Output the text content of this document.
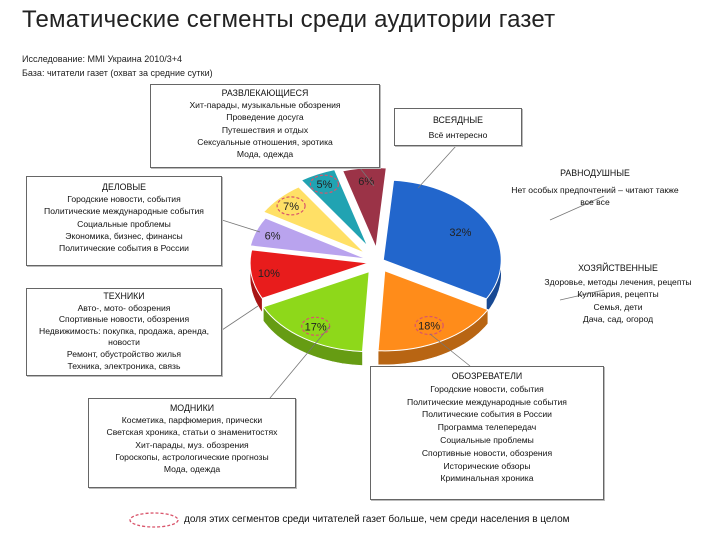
Тематические сегменты среди аудитории газет
Исследование: MMI Украина 2010/3+4
База: читатели газет (охват за средние сутки)
32%
18%
17%
10%
6%
7%
5% 6%
РАЗВЛЕКАЮЩИЕСЯ
Хит-парады, музыкальные обозрения
Проведение досуга
Путешествия и отдых
Сексуальные отношения, эротика
Мода, одежда
ВСЕЯДНЫЕ
Всё интересно
РАВНОДУШНЫЕ
Нет особых предпочтений – читают также все все
ДЕЛОВЫЕ
Городские новости, события
Политические международные события
Социальные проблемы
Экономика, бизнес, финансы
Политические события в России
ХОЗЯЙСТВЕННЫЕ
Здоровье, методы лечения, рецепты
Кулинария, рецепты
Семья, дети
Дача, сад, огород
ТЕХНИКИ
Авто-, мото- обозрения
Спортивные новости, обозрения
Недвижимость: покупка, продажа, аренда, новости
Ремонт, обустройство жилья
Техника, электроника, связь
ОБОЗРЕВАТЕЛИ
Городские новости, события
Политические международные события
Политические события в России
Программа телепередач
Социальные проблемы
Спортивные новости, обозрения
Исторические обзоры
Криминальная хроника
МОДНИКИ
Косметика, парфюмерия, прически
Светская хроника, статьи о знаменитостях
Хит-парады, муз. обозрения
Гороскопы, астрологические прогнозы
Мода, одежда
доля этих сегментов среди читателей газет больше, чем среди населения в целом
